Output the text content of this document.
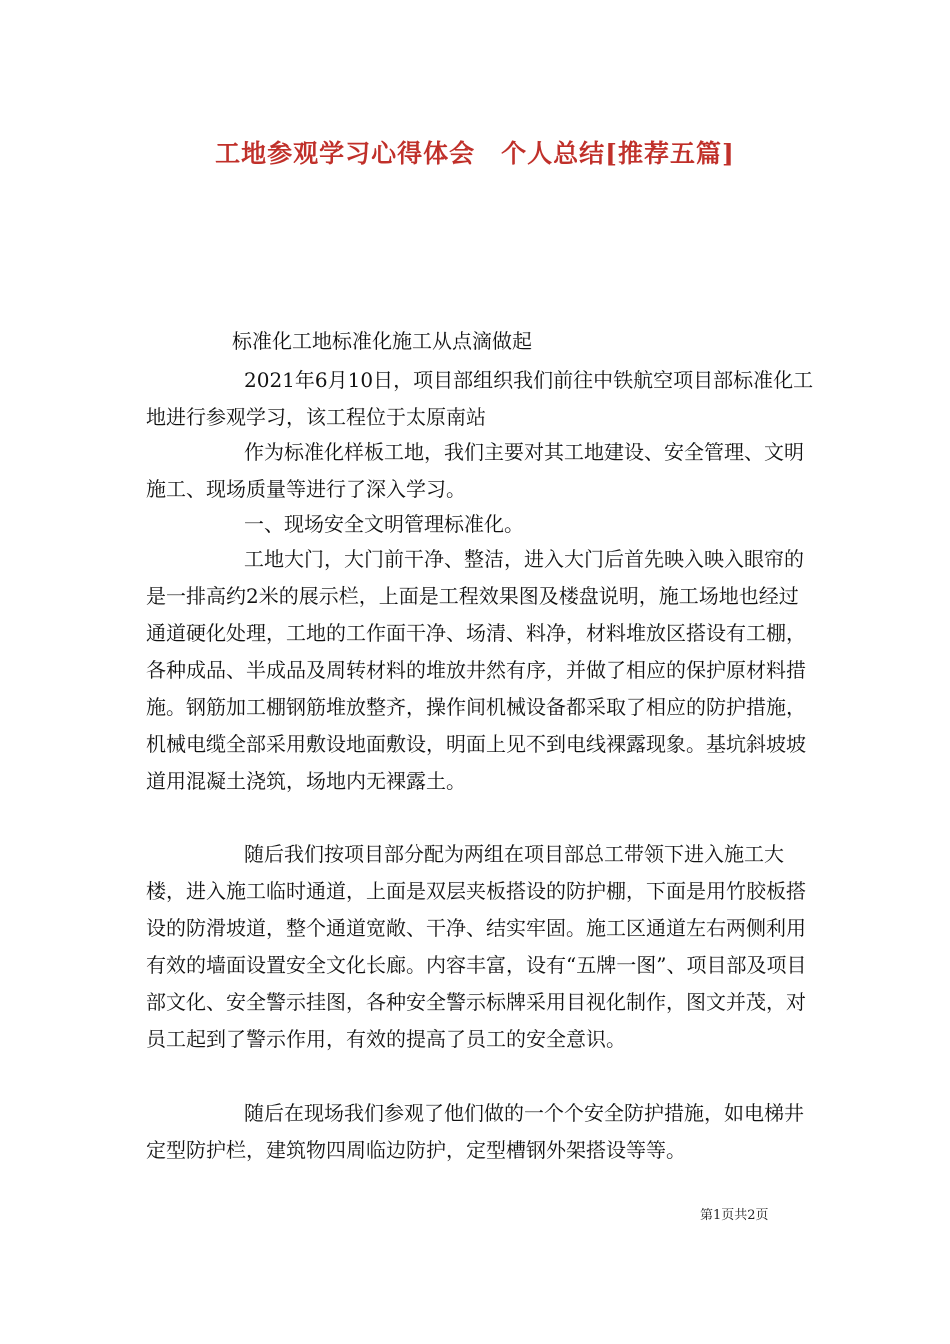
工地参观学习心得体会　个人总结[推荐五篇]
标准化工地标准化施工从点滴做起

2021年6月10日，项目部组织我们前往中铁航空项目部标准化工地进行参观学习，该工程位于太原南站

作为标准化样板工地，我们主要对其工地建设、安全管理、文明施工、现场质量等进行了深入学习。

一、现场安全文明管理标准化。

工地大门，大门前干净、整洁，进入大门后首先映入映入眼帘的是一排高约2米的展示栏，上面是工程效果图及楼盘说明，施工场地也经过通道硬化处理，工地的工作面干净、场清、料净，材料堆放区搭设有工棚，各种成品、半成品及周转材料的堆放井然有序，并做了相应的保护原材料措施。钢筋加工棚钢筋堆放整齐，操作间机械设备都采取了相应的防护措施，机械电缆全部采用敷设地面敷设，明面上见不到电线裸露现象。基坑斜坡坡道用混凝土浇筑，场地内无裸露土。

随后我们按项目部分配为两组在项目部总工带领下进入施工大楼，进入施工临时通道，上面是双层夹板搭设的防护棚，下面是用竹胶板搭设的防滑坡道，整个通道宽敞、干净、结实牢固。施工区通道左右两侧利用有效的墙面设置安全文化长廊。内容丰富，设有“五牌一图”、项目部及项目部文化、安全警示挂图，各种安全警示标牌采用目视化制作，图文并茂，对员工起到了警示作用，有效的提高了员工的安全意识。

随后在现场我们参观了他们做的一个个安全防护措施，如电梯井定型防护栏，建筑物四周临边防护，定型槽钢外架搭设等等。

第1页共2页
